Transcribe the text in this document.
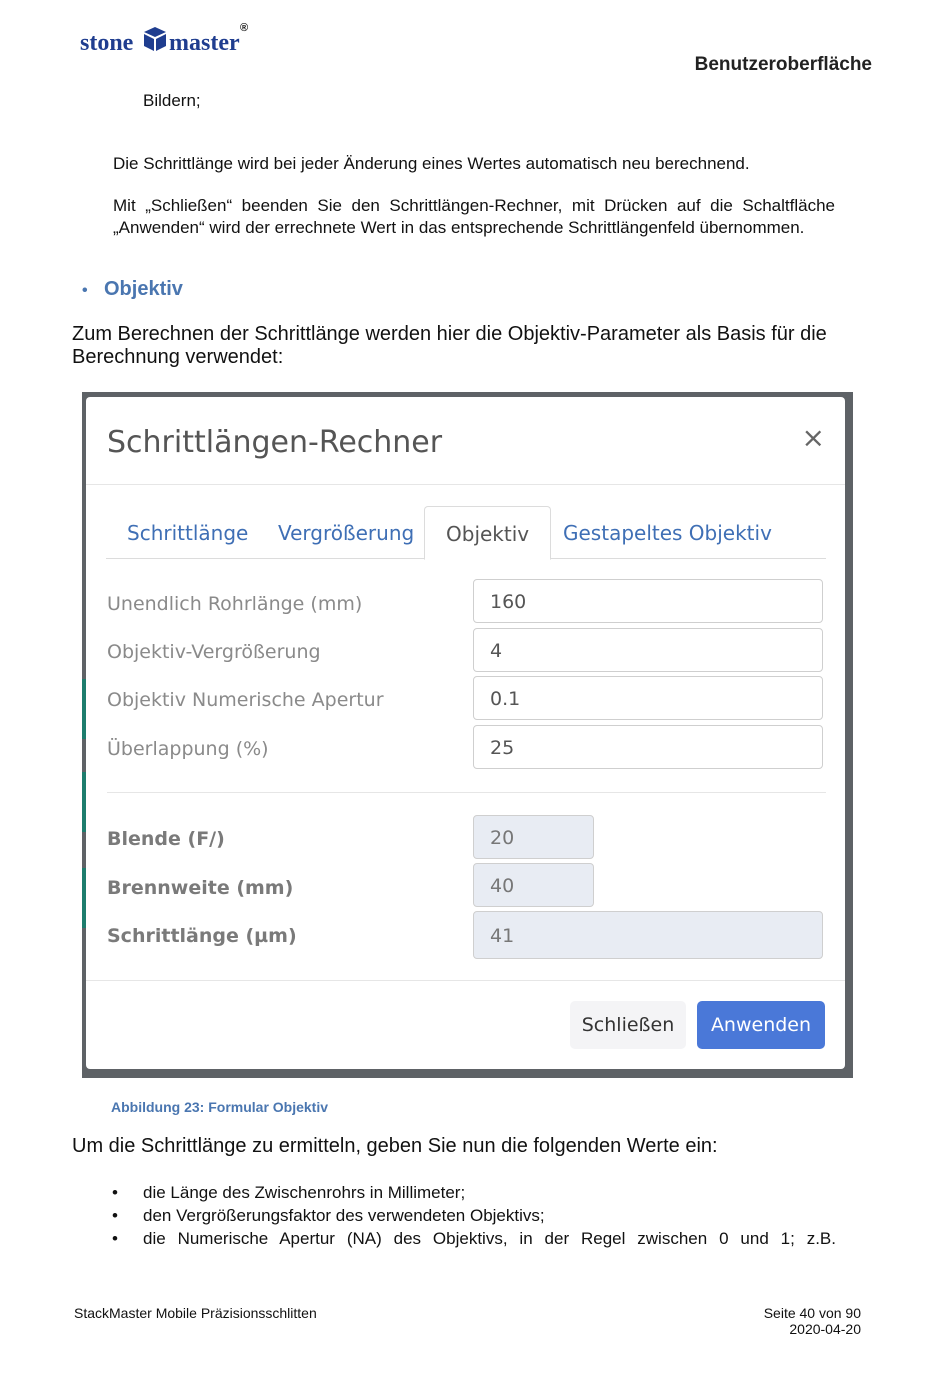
stone master
®
Benutzeroberfläche
Bildern;
Die Schrittlänge wird bei jeder Änderung eines Wertes automatisch neu berechnend.
Mit „Schließen“ beenden Sie den Schrittlängen-Rechner, mit Drücken auf die Schaltfläche „Anwenden“ wird der errechnete Wert in das entsprechende Schrittlängenfeld übernommen.
• Objektiv
Zum Berechnen der Schrittlänge werden hier die Objektiv-Parameter als Basis für die Berechnung verwendet:
Schrittlängen-Rechner	×
Schrittlänge	Vergrößerung	Objektiv	Gestapeltes Objektiv
Unendlich Rohrlänge (mm)	160
Objektiv-Vergrößerung	4
Objektiv Numerische Apertur	0.1
Überlappung (%)	25
Blende (F/)	20
Brennweite (mm)	40
Schrittlänge (µm)	41
Schließen	Anwenden
Abbildung 23: Formular Objektiv
Um die Schrittlänge zu ermitteln, geben Sie nun die folgenden Werte ein:
• die Länge des Zwischenrohrs in Millimeter;
• den Vergrößerungsfaktor des verwendeten Objektivs;
• die Numerische Apertur (NA) des Objektivs, in der Regel zwischen 0 und 1; z.B.
StackMaster Mobile Präzisionsschlitten	Seite 40 von 90
2020-04-20
